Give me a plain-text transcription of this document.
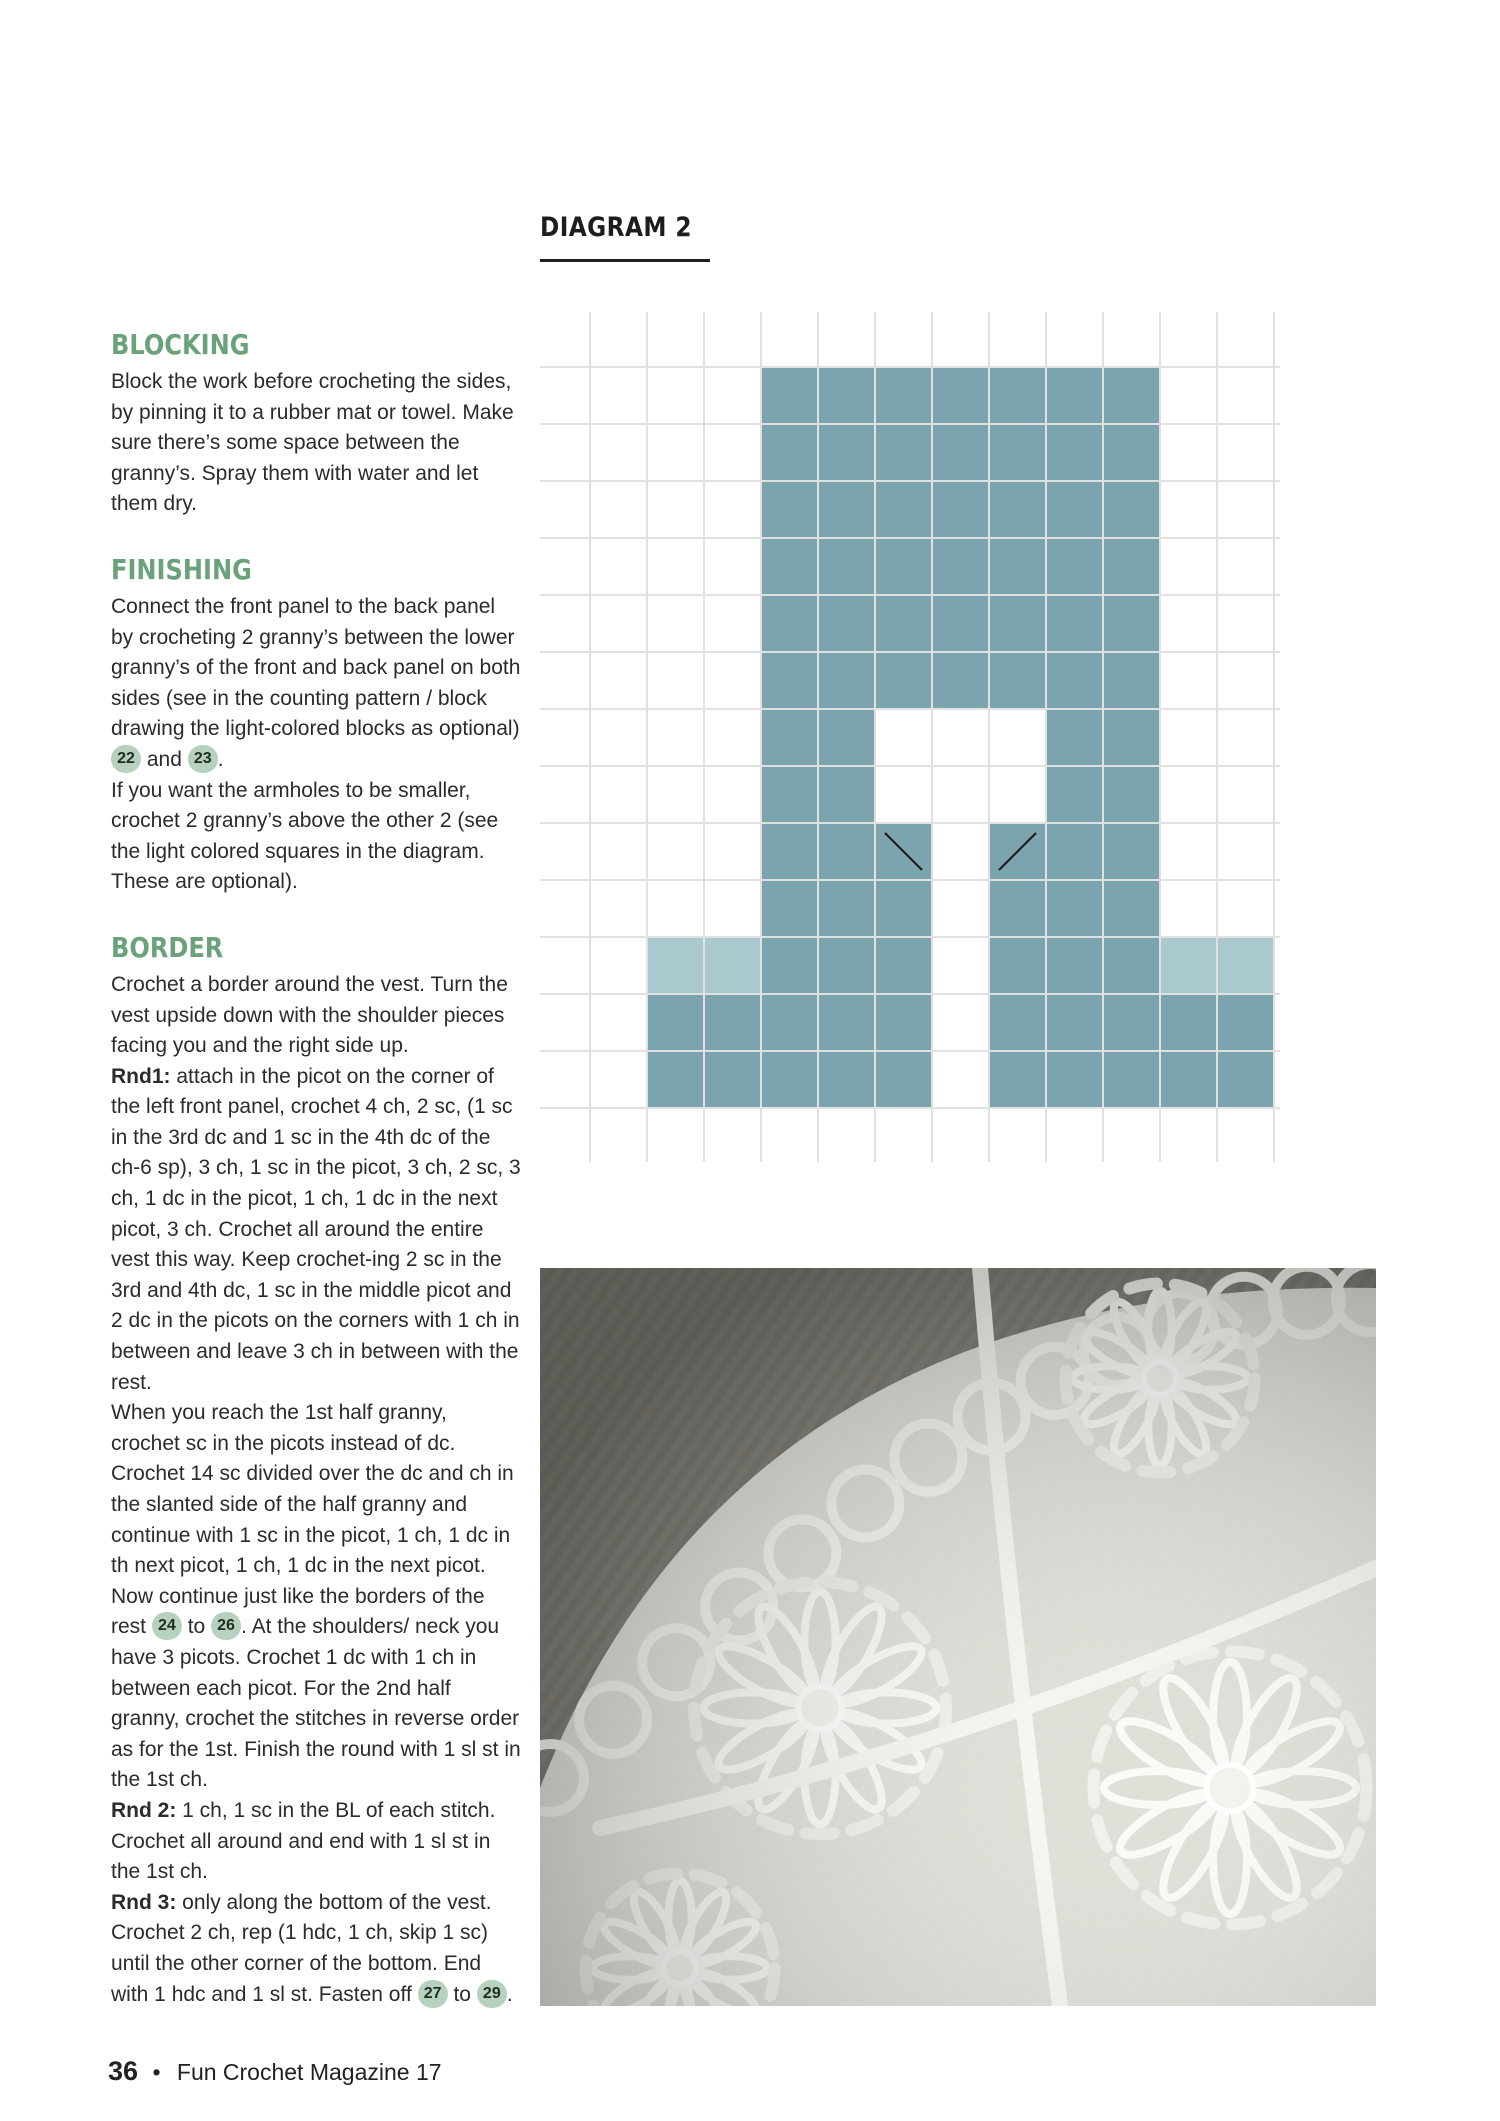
DIAGRAM 2
BLOCKING

Block the work before crocheting the sides, by pinning it to a rubber mat or towel. Make sure there’s some space between the granny’s. Spray them with water and let them dry.

FINISHING

Connect the front panel to the back panel by crocheting 2 granny’s between the lower granny’s of the front and back panel on both sides (see in the counting pattern / block drawing the light-colored blocks as optional) 22 and 23 .

If you want the armholes to be smaller, crochet 2 granny’s above the other 2 (see the light colored squares in the diagram. These are optional).

BORDER

Crochet a border around the vest. Turn the vest upside down with the shoulder pieces facing you and the right side up.

Rnd1: attach in the picot on the corner of the left front panel, crochet 4 ch, 2 sc, (1 sc in the 3rd dc and 1 sc in the 4th dc of the ch-6 sp), 3 ch, 1 sc in the picot, 3 ch, 2 sc, 3 ch, 1 dc in the picot, 1 ch, 1 dc in the next picot, 3 ch. Crochet all around the entire vest this way. Keep crochet-ing 2 sc in the 3rd and 4th dc, 1 sc in the middle picot and 2 dc in the picots on the corners with 1 ch in between and leave 3 ch in between with the rest.

When you reach the 1st half granny, crochet sc in the picots instead of dc. Crochet 14 sc divided over the dc and ch in the slanted side of the half granny and continue with 1 sc in the picot, 1 ch, 1 dc in th next picot, 1 ch, 1 dc in the next picot. Now continue just like the borders of the rest 24 to 26 . At the shoulders/ neck you have 3 picots. Crochet 1 dc with 1 ch in between each picot. For the 2nd half granny, crochet the stitches in reverse order as for the 1st. Finish the round with 1 sl st in the 1st ch.

Rnd 2: 1 ch, 1 sc in the BL of each stitch. Crochet all around and end with 1 sl st in the 1st ch.

Rnd 3: only along the bottom of the vest. Crochet 2 ch, rep (1 hdc, 1 ch, skip 1 sc) until the other corner of the bottom. End with 1 hdc and 1 sl st. Fasten off 27 to 29 .

36 • Fun Crochet Magazine 17
